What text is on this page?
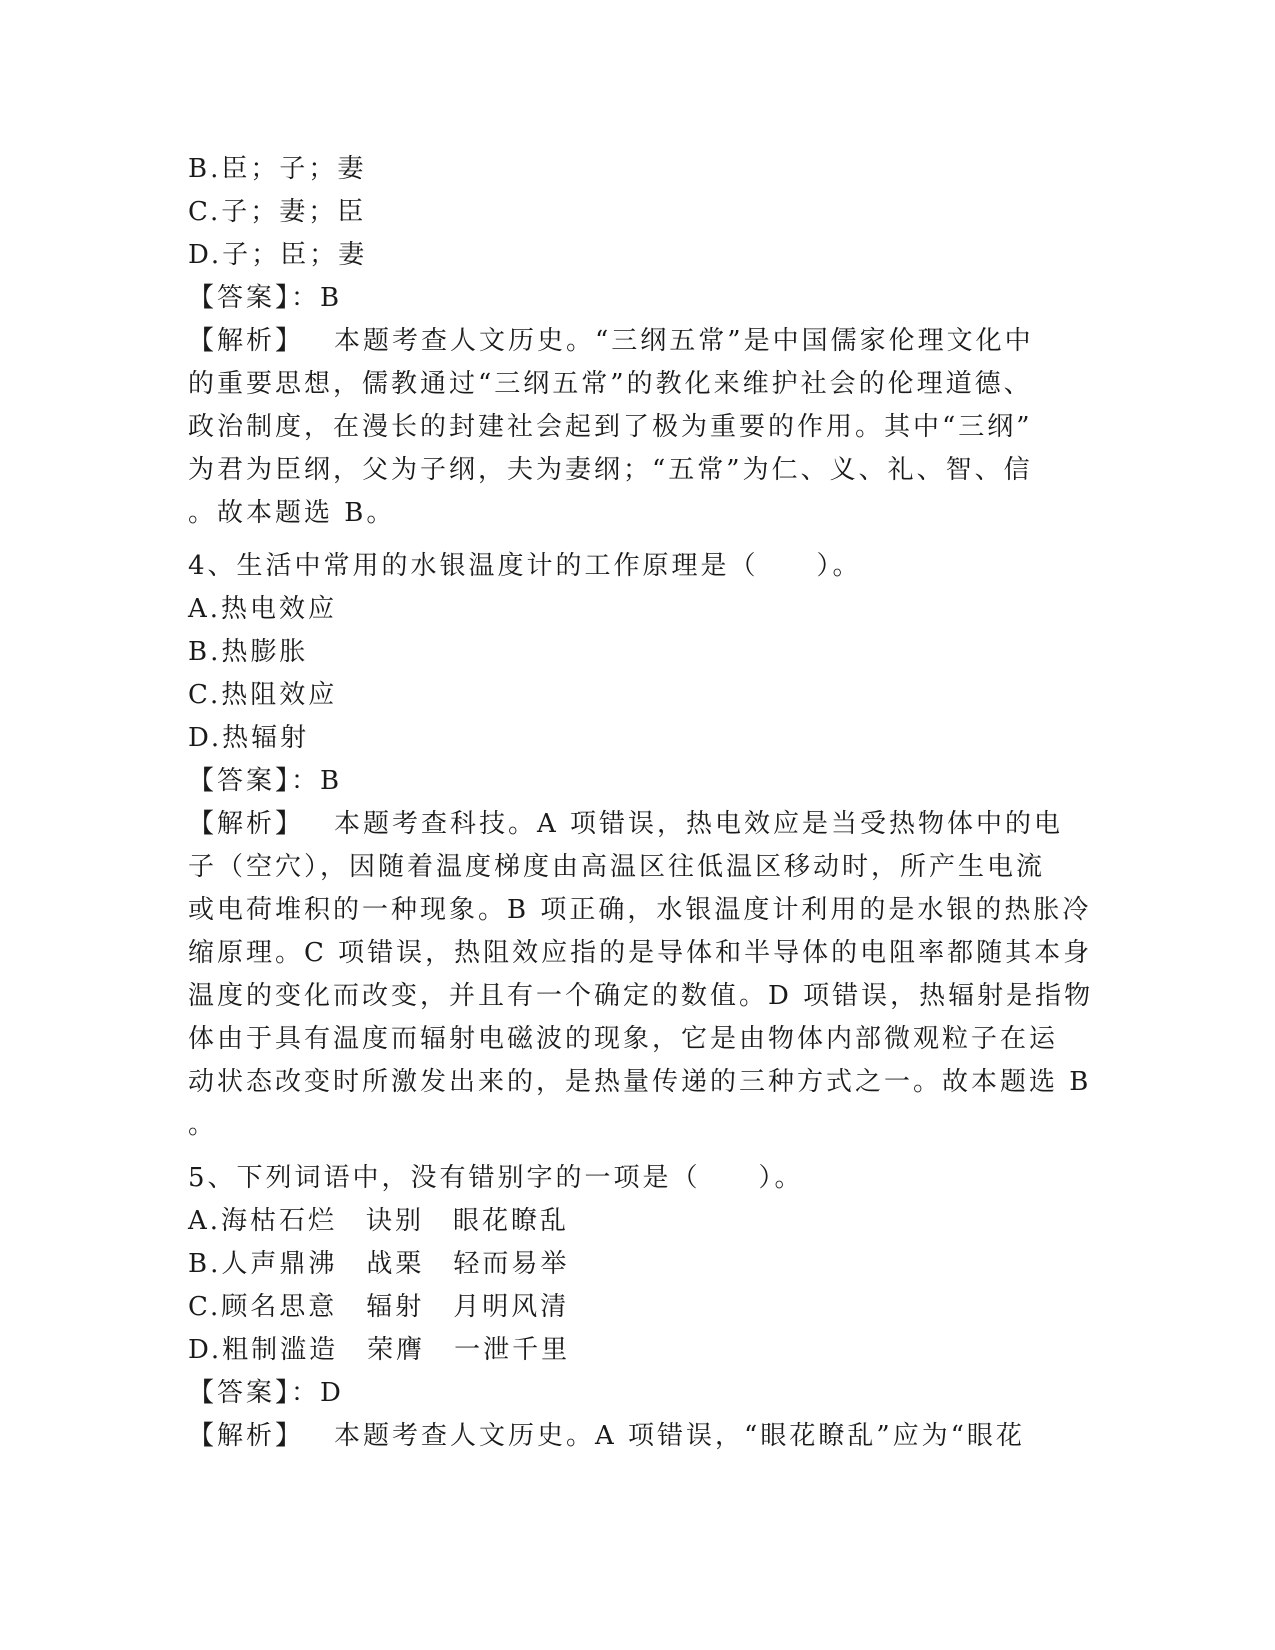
B.臣；子；妻

C.子；妻；臣

D.子；臣；妻

【答案】：B

【解析】 本题考查人文历史。“三纲五常”是中国儒家伦理文化中

的重要思想，儒教通过“三纲五常”的教化来维护社会的伦理道德、

政治制度，在漫长的封建社会起到了极为重要的作用。其中“三纲”

为君为臣纲，父为子纲，夫为妻纲；“五常”为仁、义、礼、智、信

。故本题选 B。

4、生活中常用的水银温度计的工作原理是（　　）。

A.热电效应

B.热膨胀

C.热阻效应

D.热辐射

【答案】：B

【解析】 本题考查科技。A 项错误，热电效应是当受热物体中的电

子（空穴），因随着温度梯度由高温区往低温区移动时，所产生电流

或电荷堆积的一种现象。B 项正确，水银温度计利用的是水银的热胀冷

缩原理。C 项错误，热阻效应指的是导体和半导体的电阻率都随其本身

温度的变化而改变，并且有一个确定的数值。D 项错误，热辐射是指物

体由于具有温度而辐射电磁波的现象，它是由物体内部微观粒子在运

动状态改变时所激发出来的，是热量传递的三种方式之一。故本题选 B

。

5、下列词语中，没有错别字的一项是（　　）。

A.海枯石烂　诀别　眼花瞭乱

B.人声鼎沸　战栗　轻而易举

C.顾名思意　辐射　月明风清

D.粗制滥造　荣膺　一泄千里

【答案】：D

【解析】 本题考查人文历史。A 项错误，“眼花瞭乱”应为“眼花
